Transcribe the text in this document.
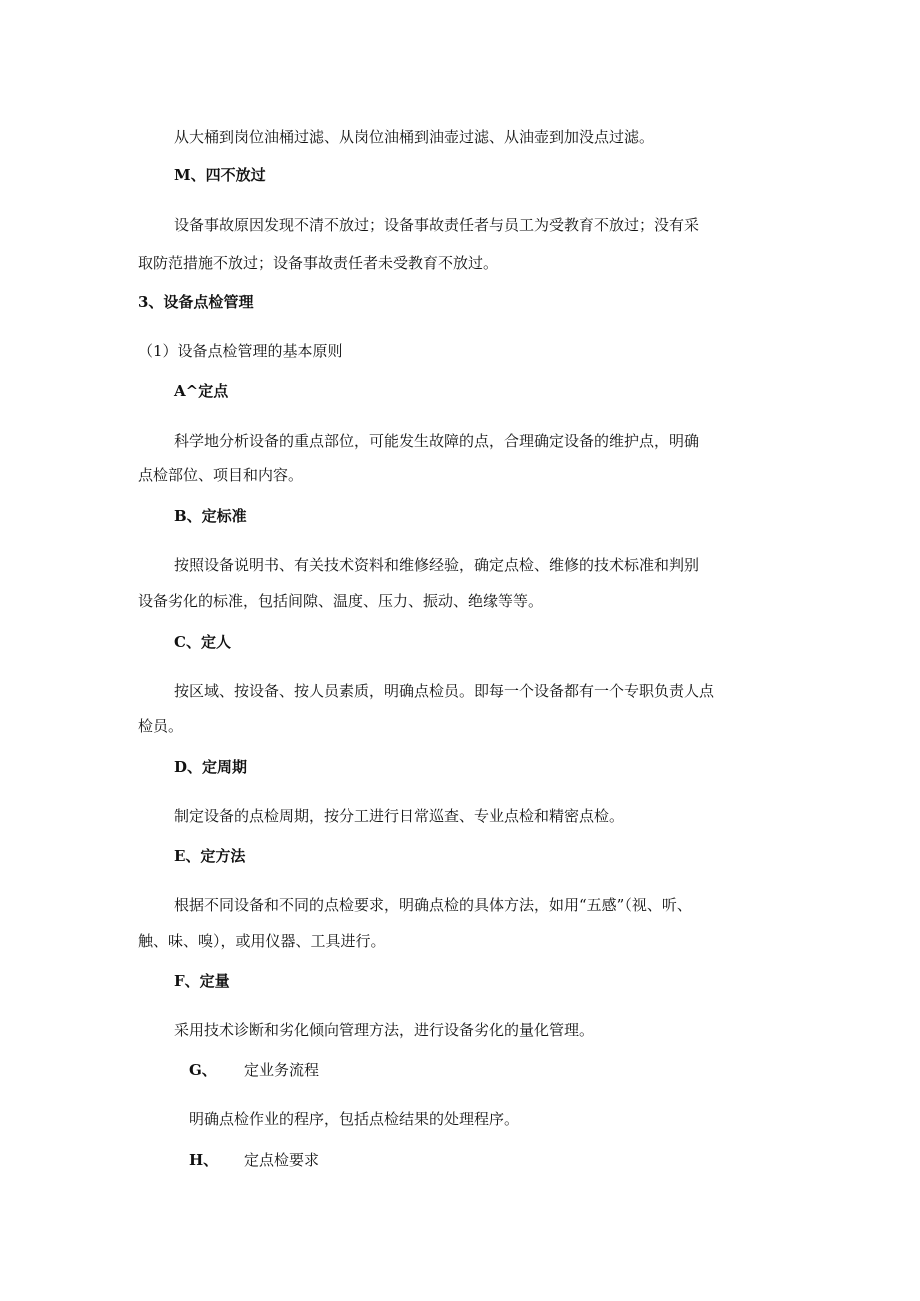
从大桶到岗位油桶过滤、从岗位油桶到油壶过滤、从油壶到加没点过滤。
M、四不放过
设备事故原因发现不清不放过；设备事故责任者与员工为受教育不放过；没有采
取防范措施不放过；设备事故责任者未受教育不放过。
3、设备点检管理
（1）设备点检管理的基本原则
A^定点
科学地分析设备的重点部位，可能发生故障的点，合理确定设备的维护点，明确
点检部位、项目和内容。
B、定标准
按照设备说明书、有关技术资料和维修经验，确定点检、维修的技术标准和判别
设备劣化的标准，包括间隙、温度、压力、振动、绝缘等等。
C、定人
按区域、按设备、按人员素质，明确点检员。即每一个设备都有一个专职负责人点
检员。
D、定周期
制定设备的点检周期，按分工进行日常巡查、专业点检和精密点检。
E、定方法
根据不同设备和不同的点检要求，明确点检的具体方法，如用“五感”（视、听、
触、味、嗅），或用仪器、工具进行。
F、定量
采用技术诊断和劣化倾向管理方法，进行设备劣化的量化管理。
G、 定业务流程
明确点检作业的程序，包括点检结果的处理程序。
H、 定点检要求
